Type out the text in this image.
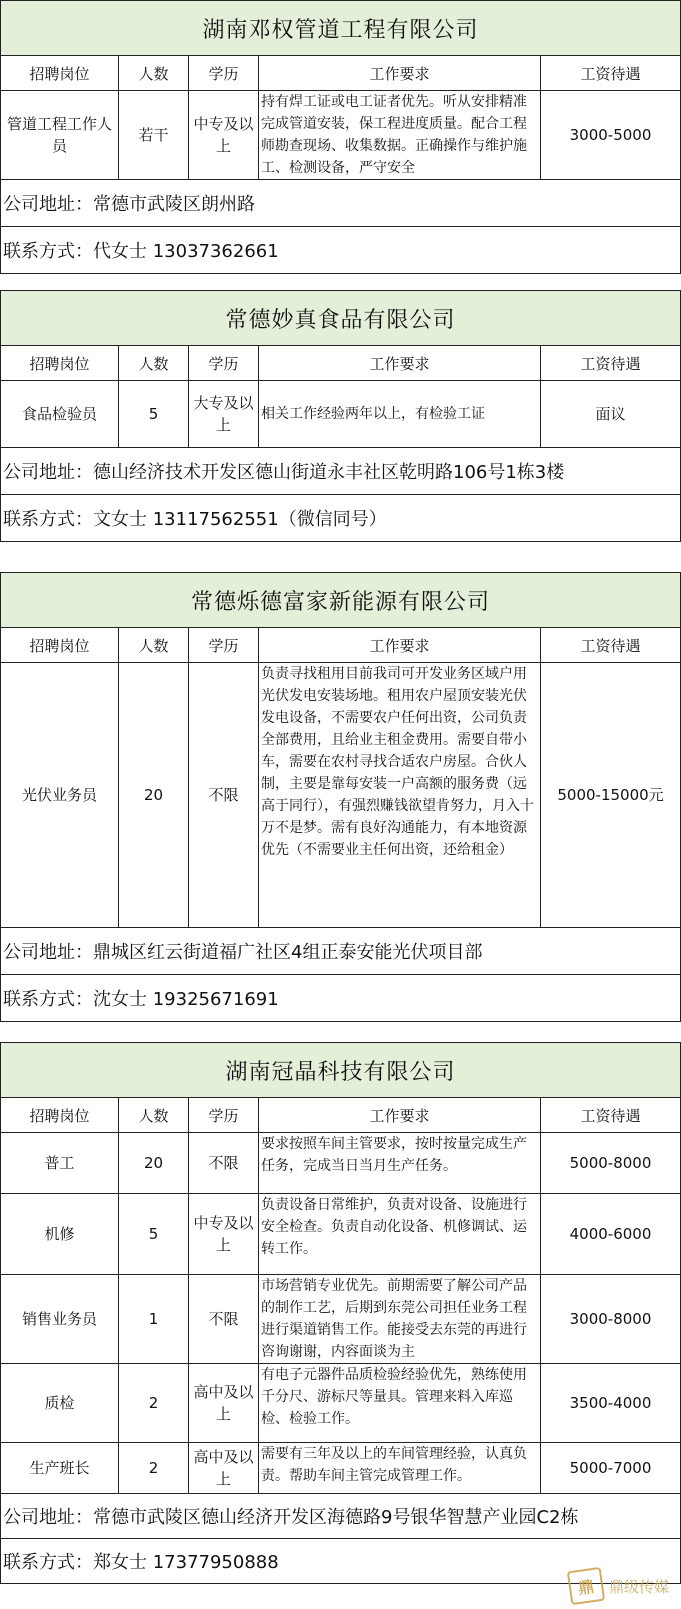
湖南邓权管道工程有限公司				
招聘岗位	人数	学历	工作要求	工资待遇
管道工程工作人员	若干	中专及以上	持有焊工证或电工证者优先。听从安排精准完成管道安装，保工程进度质量。配合工程师勘查现场、收集数据。正确操作与维护施工、检测设备，严守安全	3000-5000
公司地址：常德市武陵区朗州路				
联系方式：代女士 13037362661				
常德妙真食品有限公司				
招聘岗位	人数	学历	工作要求	工资待遇
食品检验员	5	大专及以上	相关工作经验两年以上，有检验工证	面议
公司地址：德山经济技术开发区德山街道永丰社区乾明路106号1栋3楼				
联系方式：文女士 13117562551（微信同号）				
常德烁德富家新能源有限公司				
招聘岗位	人数	学历	工作要求	工资待遇
光伏业务员	20	不限	负责寻找租用目前我司可开发业务区域户用光伏发电安装场地。租用农户屋顶安装光伏发电设备，不需要农户任何出资，公司负责全部费用，且给业主租金费用。需要自带小车，需要在农村寻找合适农户房屋。合伙人制，主要是靠每安装一户高额的服务费（远高于同行），有强烈赚钱欲望肯努力，月入十万不是梦。需有良好沟通能力，有本地资源优先（不需要业主任何出资，还给租金）	5000-15000元
公司地址：鼎城区红云街道福广社区4组正泰安能光伏项目部				
联系方式：沈女士 19325671691				
湖南冠晶科技有限公司				
招聘岗位	人数	学历	工作要求	工资待遇
普工	20	不限	要求按照车间主管要求，按时按量完成生产任务，完成当日当月生产任务。	5000-8000
机修	5	中专及以上	负责设备日常维护，负责对设备、设施进行安全检查。负责自动化设备、机修调试、运转工作。	4000-6000
销售业务员	1	不限	市场营销专业优先。前期需要了解公司产品的制作工艺，后期到东莞公司担任业务工程进行渠道销售工作。能接受去东莞的再进行咨询谢谢，内容面谈为主	3000-8000
质检	2	高中及以上	有电子元器件品质检验经验优先，熟练使用千分尺、游标尺等量具。管理来料入库巡检、检验工作。	3500-4000
生产班长	2	高中及以上	需要有三年及以上的车间管理经验，认真负责。帮助车间主管完成管理工作。	5000-7000
公司地址：常德市武陵区德山经济开发区海德路9号银华智慧产业园C2栋				
联系方式：郑女士 17377950888				
鼎 鼎级传媒
